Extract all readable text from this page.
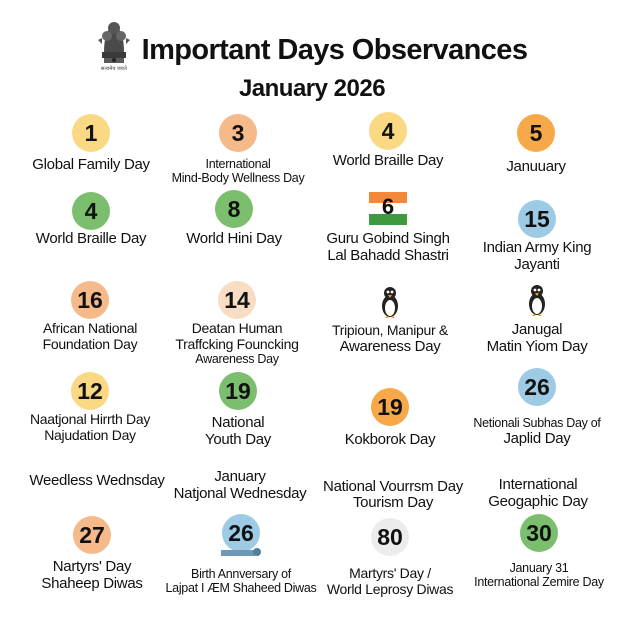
सत्यमेव जयते
Important Days Observances
January 2026
1
Global Family Day
3
International
Mind-Body Wellness Day
4
World Braille Day
5
Januuary
4
World Braille Day
8
World Hini Day
6
Guru Gobind Singh
Lal Bahadd Shastri
15
Indian Army King
Jayanti
16
African National
Foundation Day
14
Deatan Human
Traffcking Founcking
Awareness Day
Tripioun, Manipur &
Awareness Day
Janugal
Matin Yiom Day
12
Naatjonal Hirrth Day
Najudation Day
19
National
Youth Day
19
Kokborok Day
26
Netionali Subhas Day of
Japlid Day
Weedless Wednsday	January
Natjonal Wednesday	National Vourrsm Day
Tourism Day
International
Geogaphic Day
27
Nartyrs' Day
Shaheep Diwas
26
Birth Annversary of
Lajpat I ÆM Shaheed Diwas
80
Martyrs' Day /
World Leprosy Diwas
30
January 31
International Zemire Day
